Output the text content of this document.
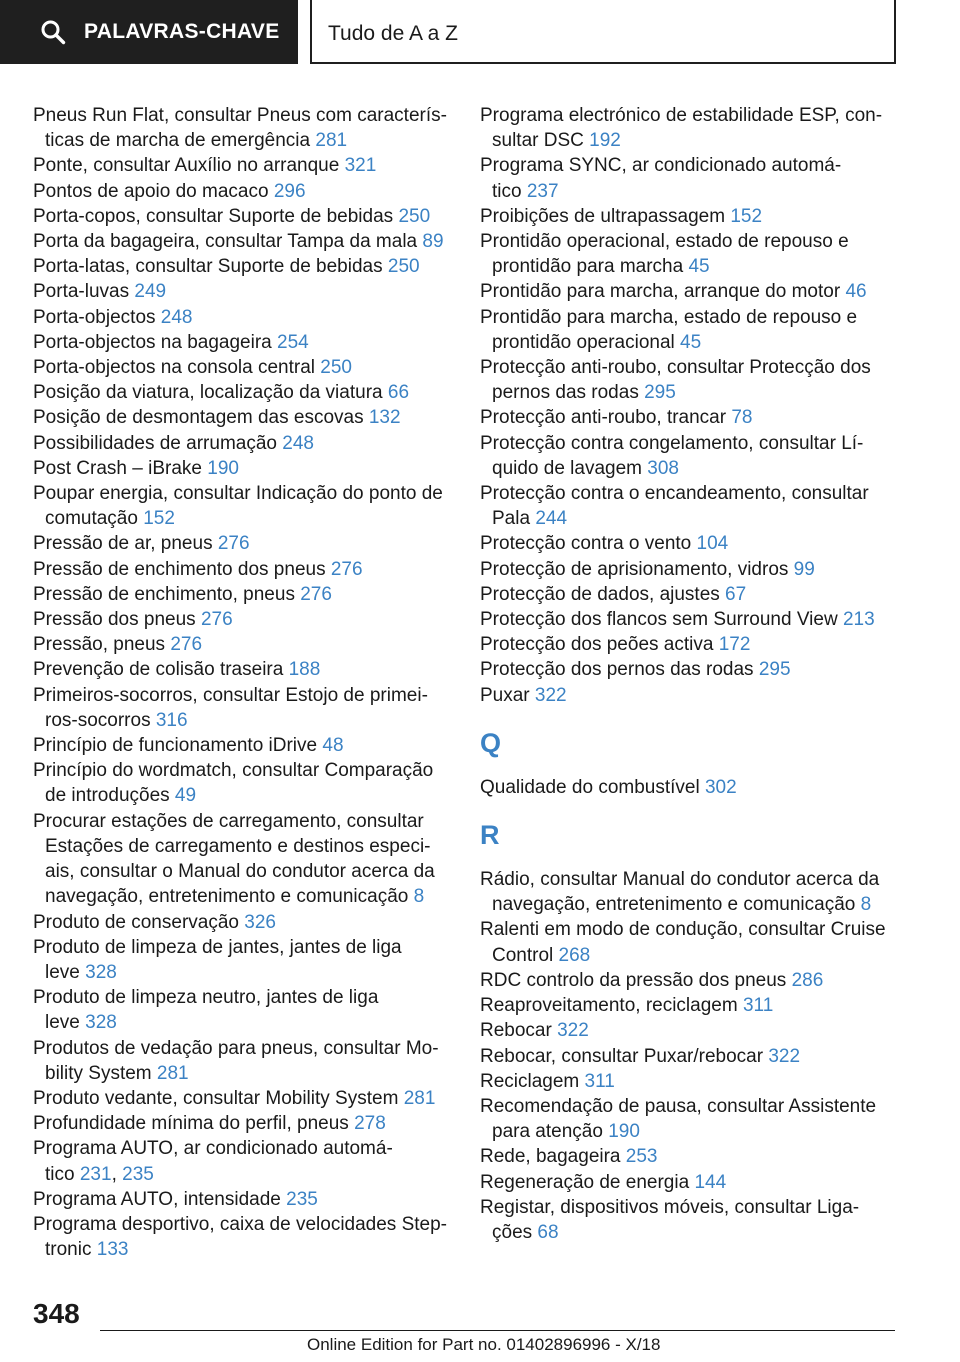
PALAVRAS-CHAVE Tudo de A a Z
Pneus Run Flat, consultar Pneus com caracterís-
ticas de marcha de emergência 281
Ponte, consultar Auxílio no arranque 321
Pontos de apoio do macaco 296
Porta-copos, consultar Suporte de bebidas 250
Porta da bagageira, consultar Tampa da mala 89
Porta-latas, consultar Suporte de bebidas 250
Porta-luvas 249
Porta-objectos 248
Porta-objectos na bagageira 254
Porta-objectos na consola central 250
Posição da viatura, localização da viatura 66
Posição de desmontagem das escovas 132
Possibilidades de arrumação 248
Post Crash – iBrake 190
Poupar energia, consultar Indicação do ponto de
comutação 152
Pressão de ar, pneus 276
Pressão de enchimento dos pneus 276
Pressão de enchimento, pneus 276
Pressão dos pneus 276
Pressão, pneus 276
Prevenção de colisão traseira 188
Primeiros-socorros, consultar Estojo de primei-
ros-socorros 316
Princípio de funcionamento iDrive 48
Princípio do wordmatch, consultar Comparação
de introduções 49
Procurar estações de carregamento, consultar
Estações de carregamento e destinos especi-
ais, consultar o Manual do condutor acerca da
navegação, entretenimento e comunicação 8
Produto de conservação 326
Produto de limpeza de jantes, jantes de liga
leve 328
Produto de limpeza neutro, jantes de liga
leve 328
Produtos de vedação para pneus, consultar Mo-
bility System 281
Produto vedante, consultar Mobility System 281
Profundidade mínima do perfil, pneus 278
Programa AUTO, ar condicionado automá-
tico 231, 235
Programa AUTO, intensidade 235
Programa desportivo, caixa de velocidades Step-
tronic 133
Programa electrónico de estabilidade ESP, con-
sultar DSC 192
Programa SYNC, ar condicionado automá-
tico 237
Proibições de ultrapassagem 152
Prontidão operacional, estado de repouso e
prontidão para marcha 45
Prontidão para marcha, arranque do motor 46
Prontidão para marcha, estado de repouso e
prontidão operacional 45
Protecção anti-roubo, consultar Protecção dos
pernos das rodas 295
Protecção anti-roubo, trancar 78
Protecção contra congelamento, consultar Lí-
quido de lavagem 308
Protecção contra o encandeamento, consultar
Pala 244
Protecção contra o vento 104
Protecção de aprisionamento, vidros 99
Protecção de dados, ajustes 67
Protecção dos flancos sem Surround View 213
Protecção dos peões activa 172
Protecção dos pernos das rodas 295
Puxar 322
Q
Qualidade do combustível 302
R
Rádio, consultar Manual do condutor acerca da
navegação, entretenimento e comunicação 8
Ralenti em modo de condução, consultar Cruise
Control 268
RDC controlo da pressão dos pneus 286
Reaproveitamento, reciclagem 311
Rebocar 322
Rebocar, consultar Puxar/rebocar 322
Reciclagem 311
Recomendação de pausa, consultar Assistente
para atenção 190
Rede, bagageira 253
Regeneração de energia 144
Registar, dispositivos móveis, consultar Liga-
ções 68
348
Online Edition for Part no. 01402896996 - X/18
